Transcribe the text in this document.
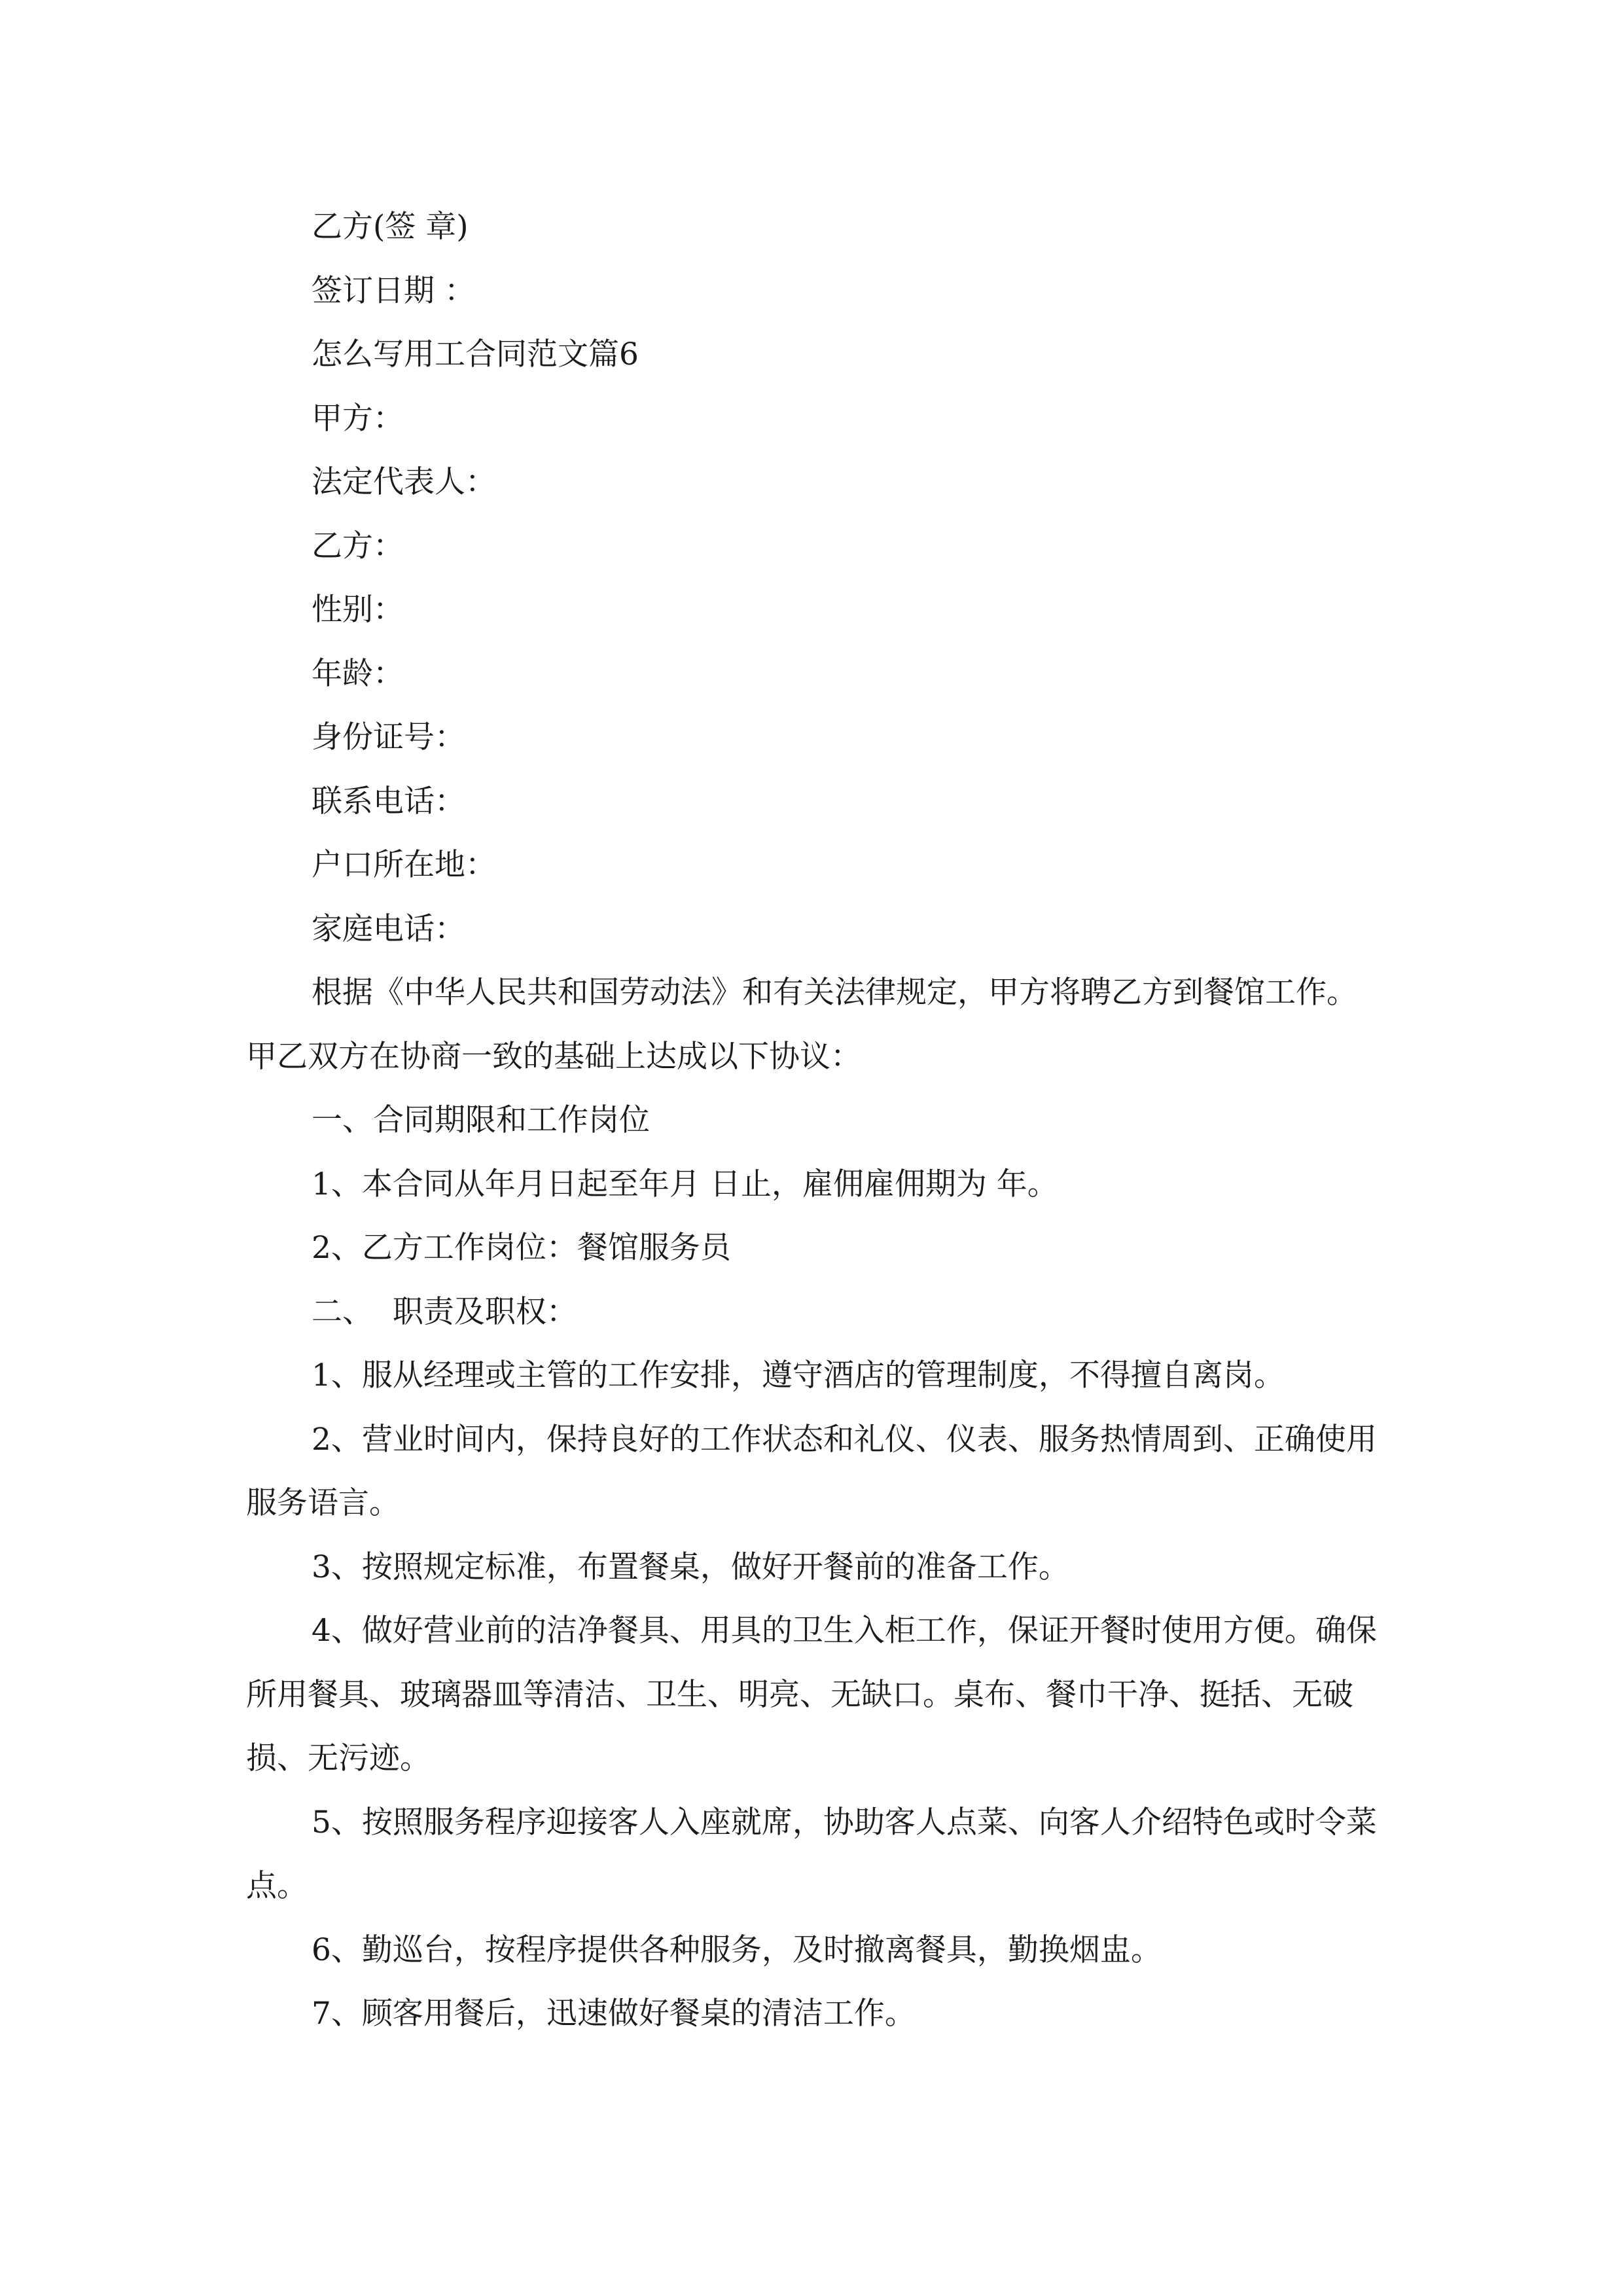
乙方(签 章)

签订日期 ：

怎么写用工合同范文篇6

甲方：

法定代表人：

乙方：

性别：

年龄：

身份证号：

联系电话：

户口所在地：

家庭电话：

根据《中华人民共和国劳动法》和有关法律规定，甲方将聘乙方到餐馆工作。甲乙双方在协商一致的基础上达成以下协议：

一、合同期限和工作岗位

1、本合同从年月日起至年月 日止，雇佣雇佣期为 年。

2、乙方工作岗位：餐馆服务员

二、  职责及职权：

1、服从经理或主管的工作安排，遵守酒店的管理制度，不得擅自离岗。

2、营业时间内，保持良好的工作状态和礼仪、仪表、服务热情周到、正确使用服务语言。

3、按照规定标准，布置餐桌，做好开餐前的准备工作。

4、做好营业前的洁净餐具、用具的卫生入柜工作，保证开餐时使用方便。确保所用餐具、玻璃器皿等清洁、卫生、明亮、无缺口。桌布、餐巾干净、挺括、无破损、无污迹。

5、按照服务程序迎接客人入座就席，协助客人点菜、向客人介绍特色或时令菜点。

6、勤巡台，按程序提供各种服务，及时撤离餐具，勤换烟盅。

7、顾客用餐后，迅速做好餐桌的清洁工作。
